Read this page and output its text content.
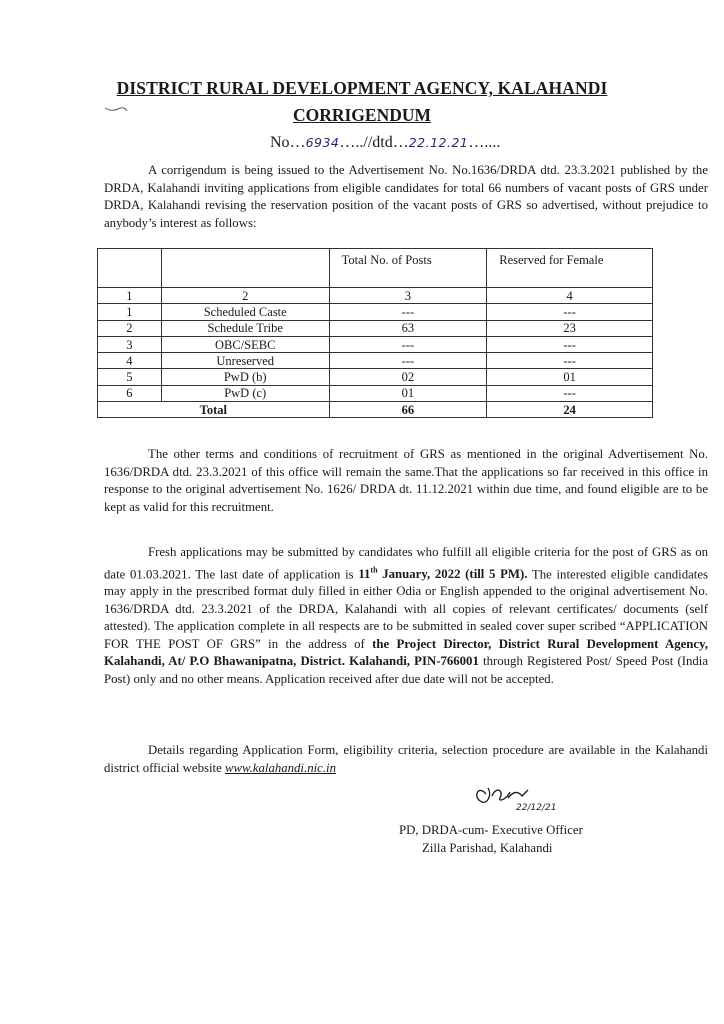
DISTRICT RURAL DEVELOPMENT AGENCY, KALAHANDI
CORRIGENDUM
No…6934…..//dtd…22.12.21…....

A corrigendum is being issued to the Advertisement No. No.1636/DRDA dtd. 23.3.2021 published by the DRDA, Kalahandi inviting applications from eligible candidates for total 66 numbers of vacant posts of GRS under DRDA, Kalahandi revising the reservation position of the vacant posts of GRS so advertised, without prejudice to anybody’s interest as follows:

		Total No. of Posts	Reserved for Female
1	2	3	4
1	Scheduled Caste	---	---
2	Schedule Tribe	63	23
3	OBC/SEBC	---	---
4	Unreserved	---	---
5	PwD (b)	02	01
6	PwD (c)	01	---
Total		66	24

The other terms and conditions of recruitment of GRS as mentioned in the original Advertisement No. 1636/DRDA dtd. 23.3.2021 of this office will remain the same.That the applications so far received in this office in response to the original advertisement No. 1626/ DRDA dt. 11.12.2021 within due time, and found eligible are to be kept as valid for this recruitment.

Fresh applications may be submitted by candidates who fulfill all eligible criteria for the post of GRS as on date 01.03.2021. The last date of application is 11th January, 2022 (till 5 PM). The interested eligible candidates may apply in the prescribed format duly filled in either Odia or English appended to the original advertisement No. 1636/DRDA dtd. 23.3.2021 of the DRDA, Kalahandi with all copies of relevant certificates/ documents (self attested). The application complete in all respects are to be submitted in sealed cover super scribed “APPLICATION FOR THE POST OF GRS” in the address of the Project Director, District Rural Development Agency, Kalahandi, At/ P.O Bhawanipatna, District. Kalahandi, PIN-766001 through Registered Post/ Speed Post (India Post) only and no other means. Application received after due date will not be accepted.

Details regarding Application Form, eligibility criteria, selection procedure are available in the Kalahandi district official website www.kalahandi.nic.in

22/12/21
PD, DRDA-cum- Executive Officer
Zilla Parishad, Kalahandi
